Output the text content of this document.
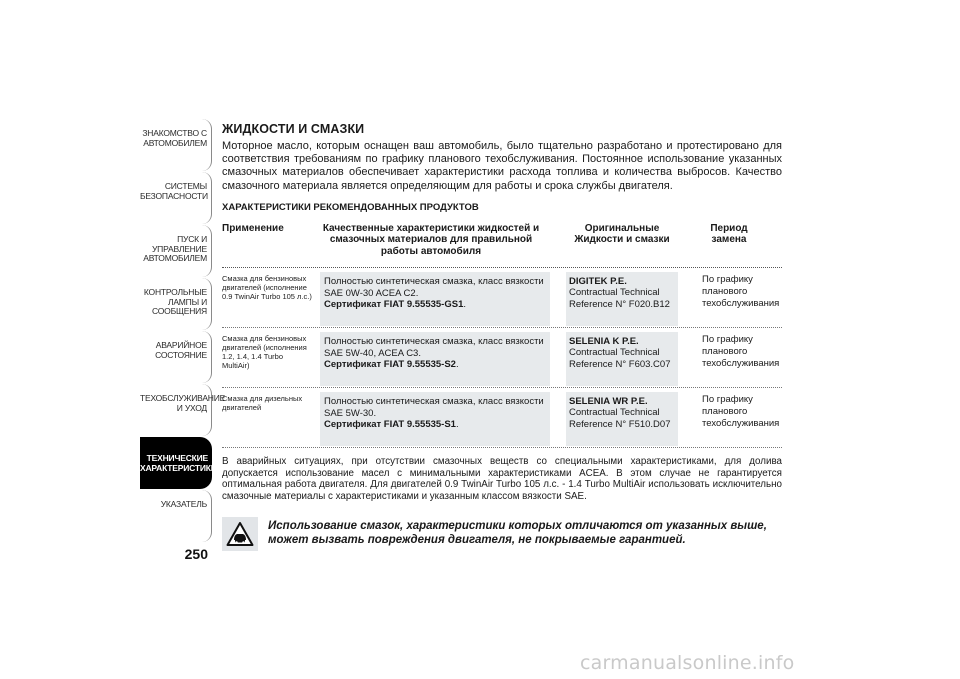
ЗНАКОМСТВО С АВТОМОБИЛЕМ
СИСТЕМЫ БЕЗОПАСНОСТИ
ПУСК И УПРАВЛЕНИЕ АВТОМОБИЛЕМ
КОНТРОЛЬНЫЕ ЛАМПЫ И СООБЩЕНИЯ
АВАРИЙНОЕ СОСТОЯНИЕ
ТЕХОБСЛУЖИВАНИЕ И УХОД
ТЕХНИЧЕСКИЕ ХАРАКТЕРИСТИКИ
УКАЗАТЕЛЬ
250
ЖИДКОСТИ И СМАЗКИ

Моторное масло, которым оснащен ваш автомобиль, было тщательно разработано и протестировано для соответствия требованиям по графику планового техобслуживания. Постоянное использование указанных смазочных материалов обеспечивает характеристики расхода топлива и количества выбросов. Качество смазочного материала является определяющим для работы и срока службы двигателя.

ХАРАКТЕРИСТИКИ РЕКОМЕНДОВАННЫХ ПРОДУКТОВ
Применение	Качественные характеристики жидкостей и смазочных материалов для правильной работы автомобиля
Оригинальные Жидкости и смазки
Период замена
Смазка для бензиновых двигателей (исполнение 0.9 TwinAir Turbo 105 л.с.)
Полностью синтетическая смазка, класс вязкости SAE 0W-30 ACEA C2.
Сертификат FIAT 9.55535-GS1.
DIGITEK P.E.
Contractual Technical
Reference N° F020.B12
По графику планового техобслуживания
Смазка для бензиновых двигателей (исполнения 1.2, 1.4, 1.4 Turbo MultiAir)
Полностью синтетическая смазка, класс вязкости SAE 5W-40, ACEA C3.
Сертификат FIAT 9.55535-S2.
SELENIA K P.E.
Contractual Technical
Reference N° F603.C07
По графику планового техобслуживания
Смазка для дизельных двигателей
Полностью синтетическая смазка, класс вязкости SAE 5W-30.
Сертификат FIAT 9.55535-S1.
SELENIA WR P.E.
Contractual Technical
Reference N° F510.D07
По графику планового техобслуживания

В аварийных ситуациях, при отсутствии смазочных веществ со специальными характеристиками, для долива допускается использование масел с минимальными характеристиками ACEA. В этом случае не гарантируется оптимальная работа двигателя. Для двигателей 0.9 TwinAir Turbo 105 л.с. - 1.4 Turbo MultiAir использовать исключительно смазочные материалы с характеристиками и указанным классом вязкости SAE.

Использование смазок, характеристики которых отличаются от указанных выше, может вызвать повреждения двигателя, не покрываемые гарантией.

carmanualsonline.info
